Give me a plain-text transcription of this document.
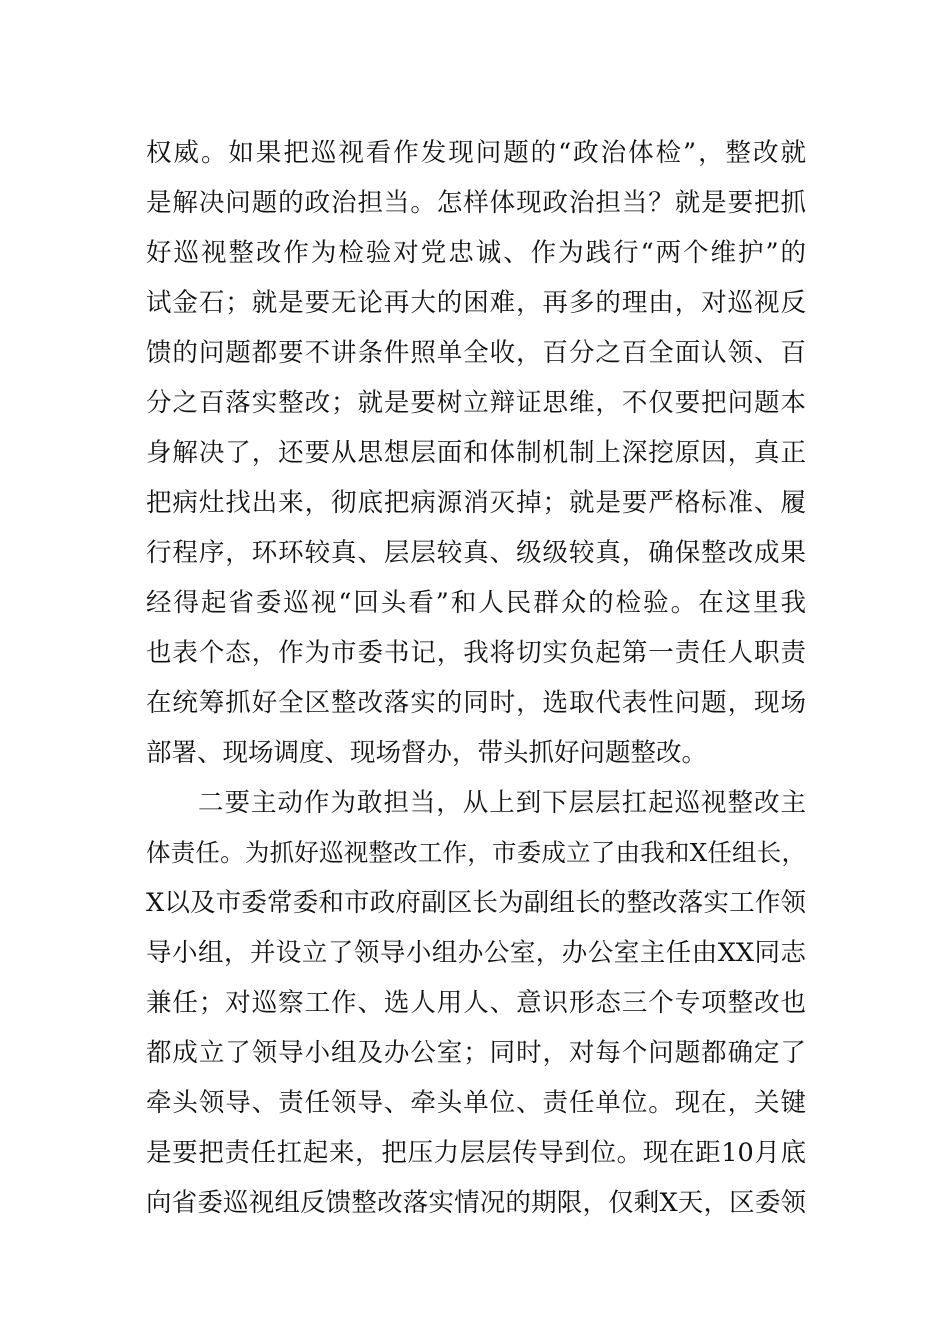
权威。如果把巡视看作发现问题的“政治体检”，整改就
是解决问题的政治担当。怎样体现政治担当？就是要把抓
好巡视整改作为检验对党忠诚、作为践行“两个维护”的
试金石；就是要无论再大的困难，再多的理由，对巡视反
馈的问题都要不讲条件照单全收，百分之百全面认领、百
分之百落实整改；就是要树立辩证思维，不仅要把问题本
身解决了，还要从思想层面和体制机制上深挖原因，真正
把病灶找出来，彻底把病源消灭掉；就是要严格标准、履
行程序，环环较真、层层较真、级级较真，确保整改成果
经得起省委巡视“回头看”和人民群众的检验。在这里我
也表个态，作为市委书记，我将切实负起第一责任人职责
在统筹抓好全区整改落实的同时，选取代表性问题，现场
部署、现场调度、现场督办，带头抓好问题整改。
二要主动作为敢担当，从上到下层层扛起巡视整改主
体责任。为抓好巡视整改工作，市委成立了由我和X任组长，
X以及市委常委和市政府副区长为副组长的整改落实工作领
导小组，并设立了领导小组办公室，办公室主任由XX同志
兼任；对巡察工作、选人用人、意识形态三个专项整改也
都成立了领导小组及办公室；同时，对每个问题都确定了
牵头领导、责任领导、牵头单位、责任单位。现在，关键
是要把责任扛起来，把压力层层传导到位。现在距10月底
向省委巡视组反馈整改落实情况的期限，仅剩X天，区委领
